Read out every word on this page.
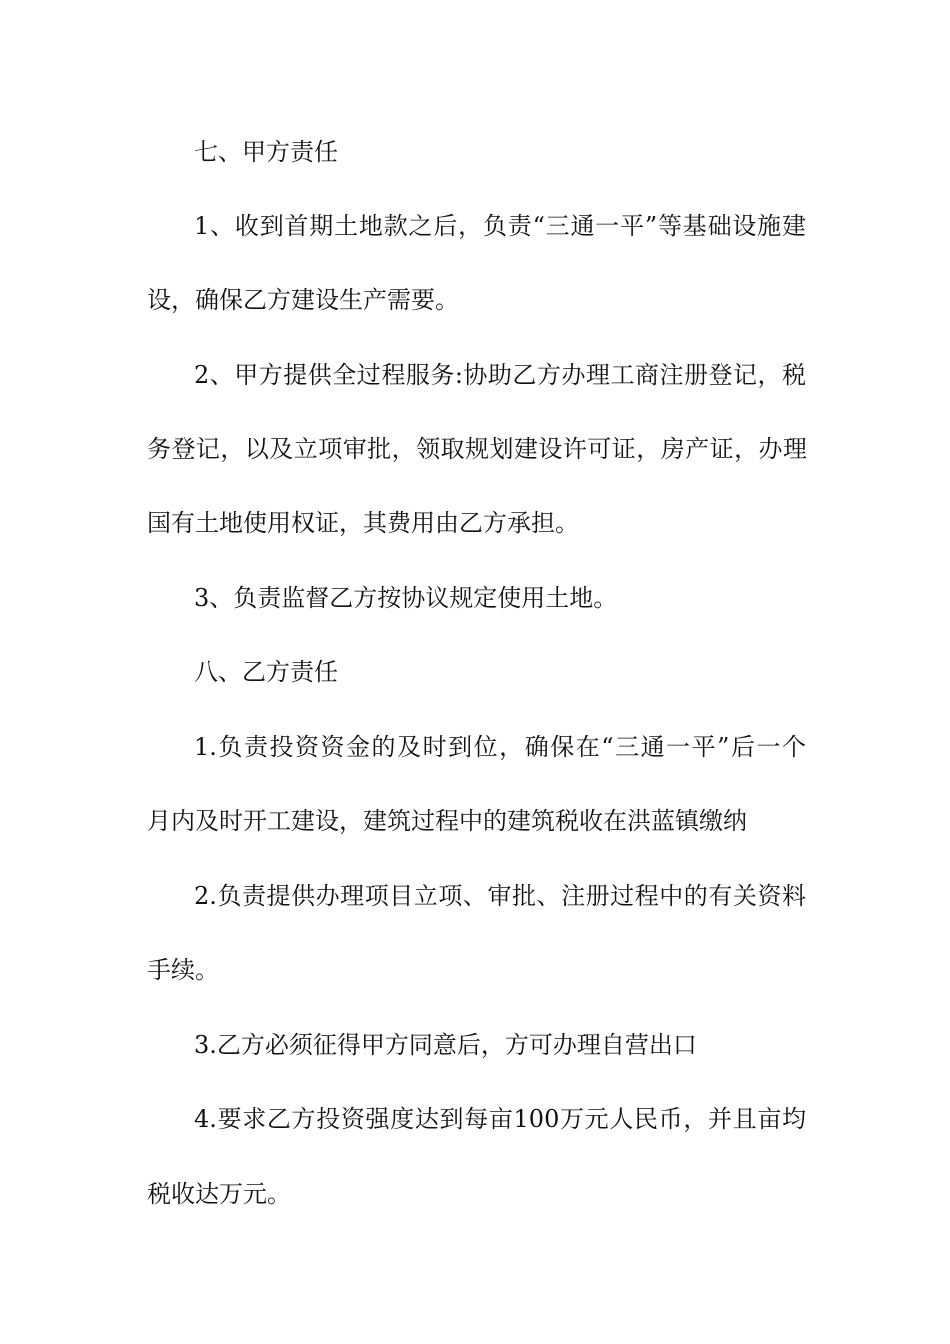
七、甲方责任
1、收到首期土地款之后，负责“三通一平”等基础设施建
设，确保乙方建设生产需要。
2、甲方提供全过程服务:协助乙方办理工商注册登记，税
务登记，以及立项审批，领取规划建设许可证，房产证，办理
国有土地使用权证，其费用由乙方承担。
3、负责监督乙方按协议规定使用土地。
八、乙方责任
1.负责投资资金的及时到位，确保在“三通一平”后一个
月内及时开工建设，建筑过程中的建筑税收在洪蓝镇缴纳
2.负责提供办理项目立项、审批、注册过程中的有关资料
手续。
3.乙方必须征得甲方同意后，方可办理自营出口
4.要求乙方投资强度达到每亩100万元人民币，并且亩均
税收达万元。
